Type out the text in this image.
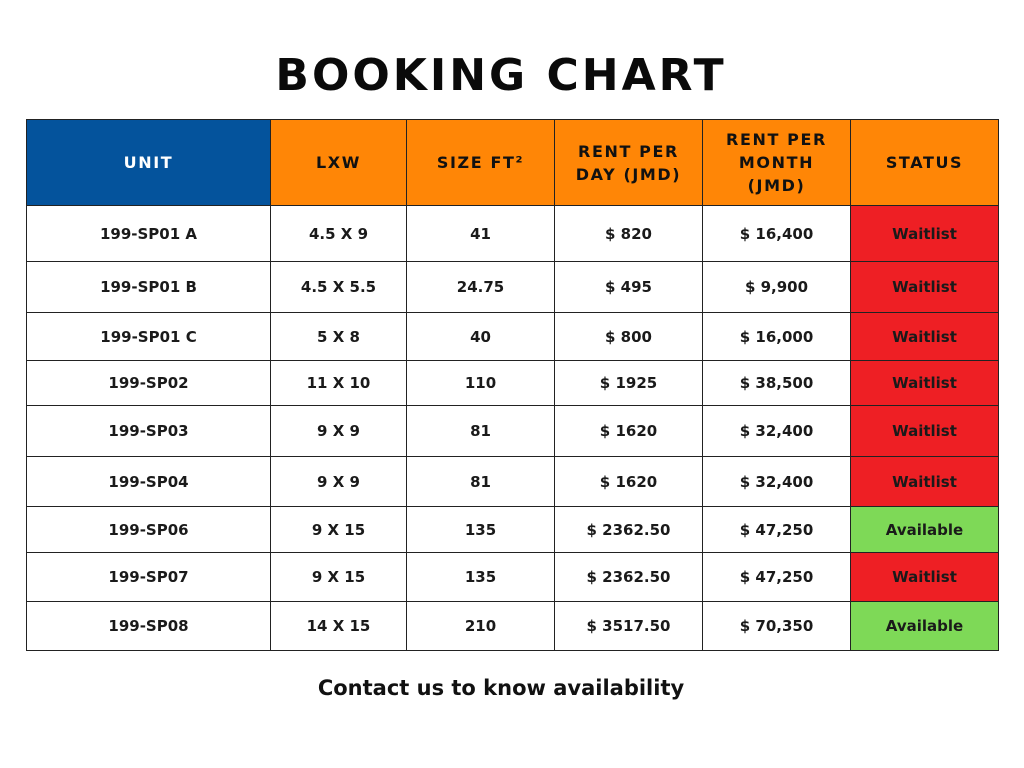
BOOKING CHART
UNIT	LXW	SIZE FT²	RENT PER DAY (JMD)	RENT PER MONTH (JMD)	STATUS
199-SP01 A	4.5 X 9	41	$ 820	$ 16,400	Waitlist
199-SP01 B	4.5 X 5.5	24.75	$ 495	$ 9,900	Waitlist
199-SP01 C	5 X 8	40	$ 800	$ 16,000	Waitlist
199-SP02	11 X 10	110	$ 1925	$ 38,500	Waitlist
199-SP03	9 X 9	81	$ 1620	$ 32,400	Waitlist
199-SP04	9 X 9	81	$ 1620	$ 32,400	Waitlist
199-SP06	9 X 15	135	$ 2362.50	$ 47,250	Available
199-SP07	9 X 15	135	$ 2362.50	$ 47,250	Waitlist
199-SP08	14 X 15	210	$ 3517.50	$ 70,350	Available
Contact us to know availability
